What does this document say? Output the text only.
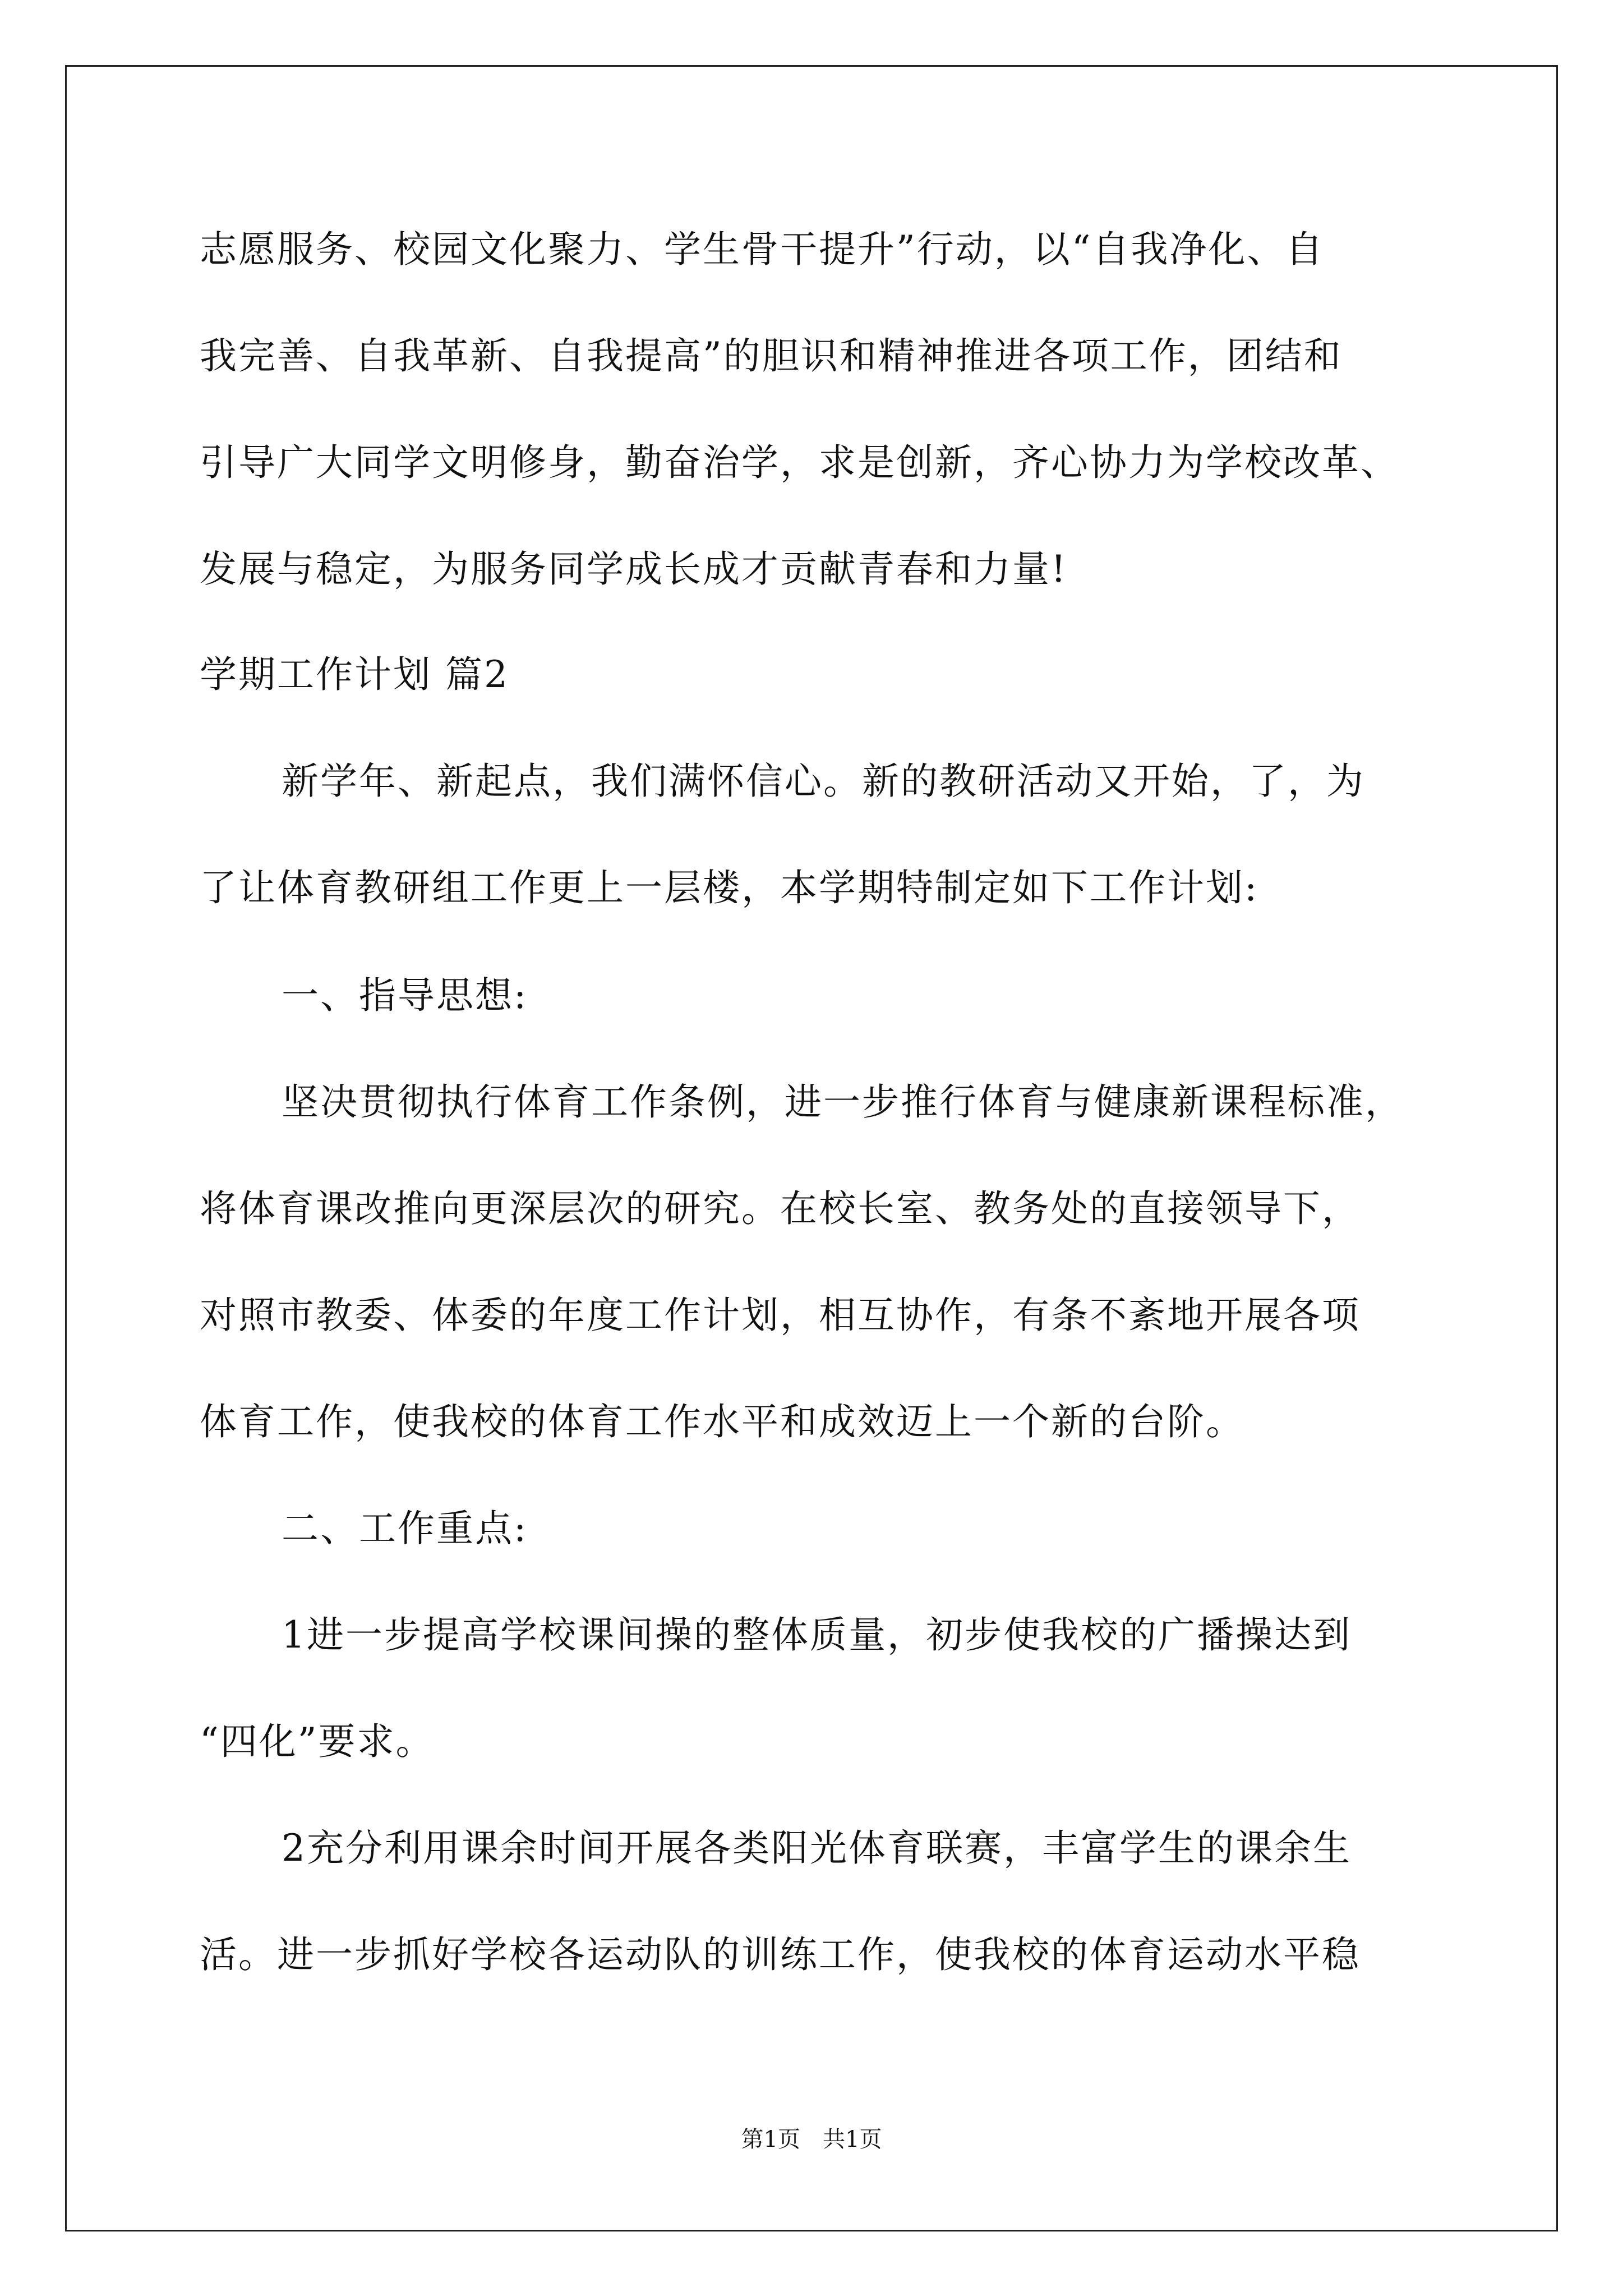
志愿服务、校园文化聚力、学生骨干提升”行动，以“自我净化、自
我完善、自我革新、自我提高”的胆识和精神推进各项工作，团结和
引导广大同学文明修身，勤奋治学，求是创新，齐心协力为学校改革、
发展与稳定，为服务同学成长成才贡献青春和力量!
学期工作计划 篇2
新学年、新起点，我们满怀信心。新的教研活动又开始，了，为
了让体育教研组工作更上一层楼，本学期特制定如下工作计划:
一、指导思想:
坚决贯彻执行体育工作条例，进一步推行体育与健康新课程标准，
将体育课改推向更深层次的研究。在校长室、教务处的直接领导下，
对照市教委、体委的年度工作计划，相互协作，有条不紊地开展各项
体育工作，使我校的体育工作水平和成效迈上一个新的台阶。
二、工作重点:
1进一步提高学校课间操的整体质量，初步使我校的广播操达到
“四化”要求。
2充分利用课余时间开展各类阳光体育联赛，丰富学生的课余生
活。进一步抓好学校各运动队的训练工作，使我校的体育运动水平稳
第1页　共1页
